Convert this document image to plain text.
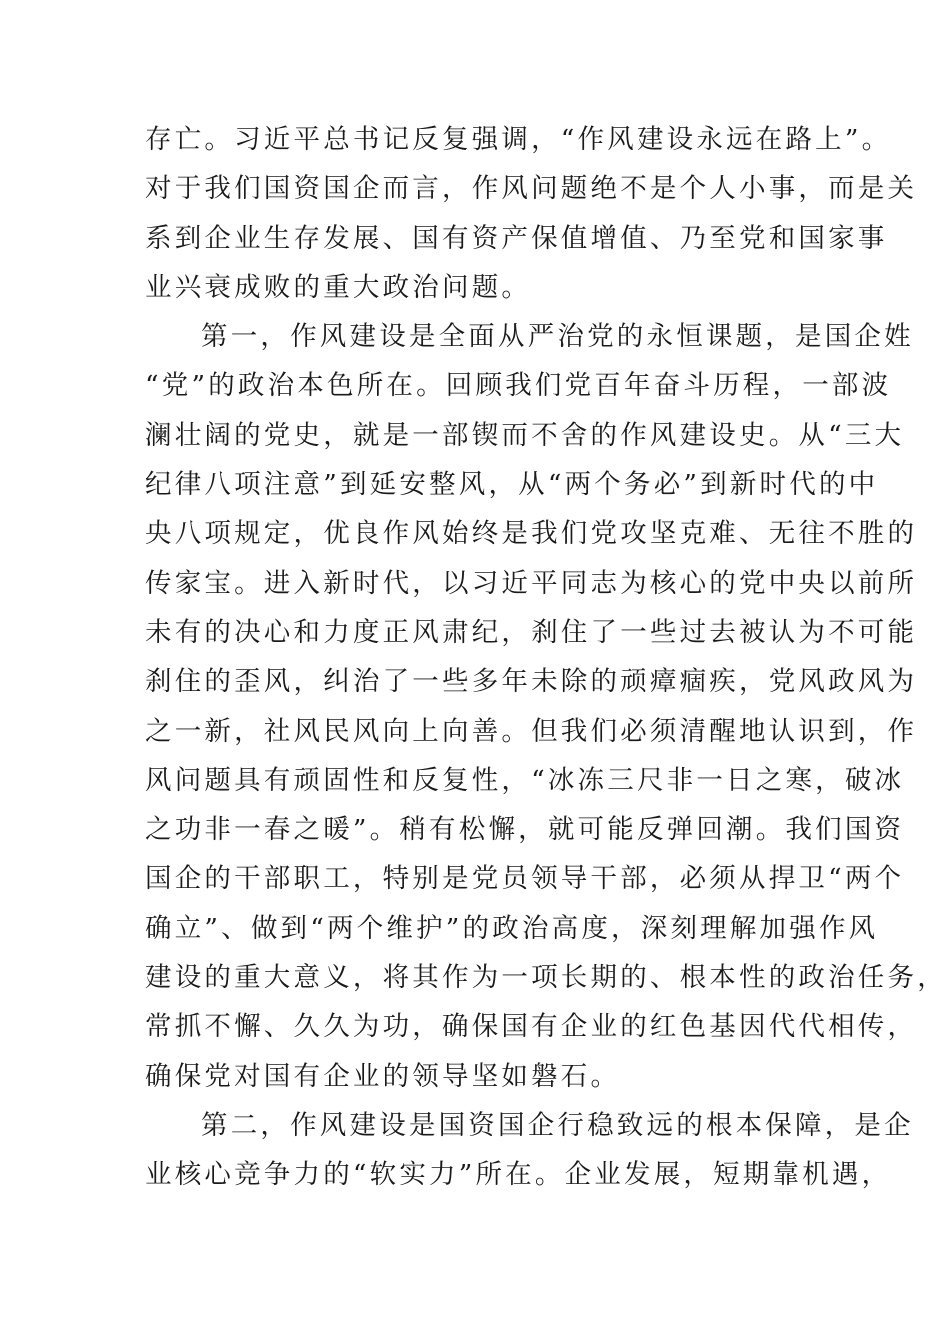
存亡。习近平总书记反复强调，“作风建设永远在路上”。
对于我们国资国企而言，作风问题绝不是个人小事，而是关
系到企业生存发展、国有资产保值增值、乃至党和国家事
业兴衰成败的重大政治问题。
第一，作风建设是全面从严治党的永恒课题，是国企姓
“党”的政治本色所在。回顾我们党百年奋斗历程，一部波
澜壮阔的党史，就是一部锲而不舍的作风建设史。从“三大
纪律八项注意”到延安整风，从“两个务必”到新时代的中
央八项规定，优良作风始终是我们党攻坚克难、无往不胜的
传家宝。进入新时代，以习近平同志为核心的党中央以前所
未有的决心和力度正风肃纪，刹住了一些过去被认为不可能
刹住的歪风，纠治了一些多年未除的顽瘴痼疾，党风政风为
之一新，社风民风向上向善。但我们必须清醒地认识到，作
风问题具有顽固性和反复性，“冰冻三尺非一日之寒，破冰
之功非一春之暖”。稍有松懈，就可能反弹回潮。我们国资
国企的干部职工，特别是党员领导干部，必须从捍卫“两个
确立”、做到“两个维护”的政治高度，深刻理解加强作风
建设的重大意义，将其作为一项长期的、根本性的政治任务，
常抓不懈、久久为功，确保国有企业的红色基因代代相传，
确保党对国有企业的领导坚如磐石。
第二，作风建设是国资国企行稳致远的根本保障，是企
业核心竞争力的“软实力”所在。企业发展，短期靠机遇，
